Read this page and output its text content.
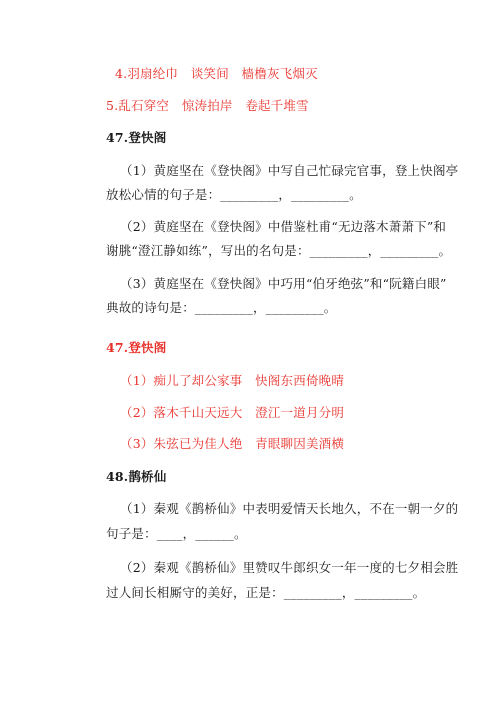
4.羽扇纶巾　谈笑间　樯橹灰飞烟灭
5.乱石穿空　惊涛拍岸　卷起千堆雪
47.登快阁
（1）黄庭坚在《登快阁》中写自己忙碌完官事，登上快阁亭
放松心情的句子是：_________，_________。
（2）黄庭坚在《登快阁》中借鉴杜甫“无边落木萧萧下”和
谢朓“澄江静如练”，写出的名句是：_________，_________。
（3）黄庭坚在《登快阁》中巧用“伯牙绝弦”和“阮籍白眼”
典故的诗句是：_________，_________。
47.登快阁
（1）痴儿了却公家事　快阁东西倚晚晴
（2）落木千山天远大　澄江一道月分明
（3）朱弦已为佳人绝　青眼聊因美酒横
48.鹊桥仙
（1）秦观《鹊桥仙》中表明爱情天长地久，不在一朝一夕的
句子是：____，______。
（2）秦观《鹊桥仙》里赞叹牛郎织女一年一度的七夕相会胜
过人间长相厮守的美好，正是：_________，_________。
